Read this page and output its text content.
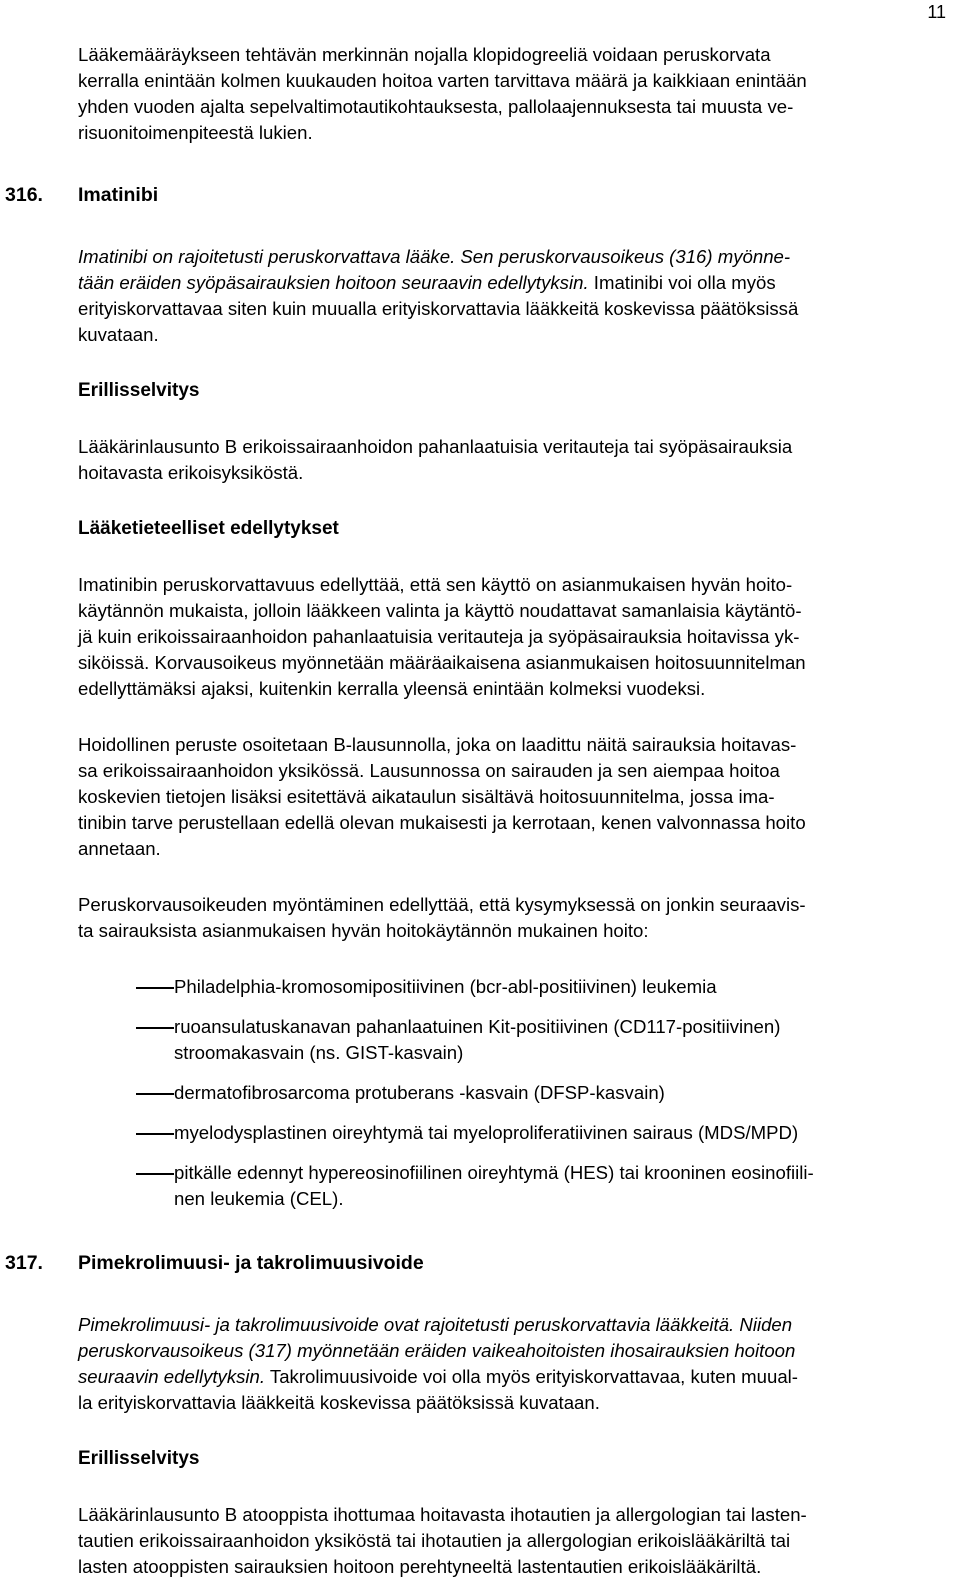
11

Lääkemääräykseen tehtävän merkinnän nojalla klopidogreeliä voidaan peruskorvata
kerralla enintään kolmen kuukauden hoitoa varten tarvittava määrä ja kaikkiaan enintään
yhden vuoden ajalta sepelvaltimotautikohtauksesta, pallolaajennuksesta tai muusta ve-
risuonitoimenpiteestä lukien.

316. Imatinibi

Imatinibi on rajoitetusti peruskorvattava lääke. Sen peruskorvausoikeus (316) myönne-
tään eräiden syöpäsairauksien hoitoon seuraavin edellytyksin. Imatinibi voi olla myös
erityiskorvattavaa siten kuin muualla erityiskorvattavia lääkkeitä koskevissa päätöksissä
kuvataan.

Erillisselvitys

Lääkärinlausunto B erikoissairaanhoidon pahanlaatuisia veritauteja tai syöpäsairauksia
hoitavasta erikoisyksiköstä.

Lääketieteelliset edellytykset

Imatinibin peruskorvattavuus edellyttää, että sen käyttö on asianmukaisen hyvän hoito-
käytännön mukaista, jolloin lääkkeen valinta ja käyttö noudattavat samanlaisia käytäntö-
jä kuin erikoissairaanhoidon pahanlaatuisia veritauteja ja syöpäsairauksia hoitavissa yk-
siköissä. Korvausoikeus myönnetään määräaikaisena asianmukaisen hoitosuunnitelman
edellyttämäksi ajaksi, kuitenkin kerralla yleensä enintään kolmeksi vuodeksi.

Hoidollinen peruste osoitetaan B-lausunnolla, joka on laadittu näitä sairauksia hoitavas-
sa erikoissairaanhoidon yksikössä. Lausunnossa on sairauden ja sen aiempaa hoitoa
koskevien tietojen lisäksi esitettävä aikataulun sisältävä hoitosuunnitelma, jossa ima-
tinibin tarve perustellaan edellä olevan mukaisesti ja kerrotaan, kenen valvonnassa hoito
annetaan.

Peruskorvausoikeuden myöntäminen edellyttää, että kysymyksessä on jonkin seuraavis-
ta sairauksista asianmukaisen hyvän hoitokäytännön mukainen hoito:

Philadelphia-kromosomipositiivinen (bcr-abl-positiivinen) leukemia
ruoansulatuskanavan pahanlaatuinen Kit-positiivinen (CD117-positiivinen)
stroomakasvain (ns. GIST-kasvain)
dermatofibrosarcoma protuberans -kasvain (DFSP-kasvain)
myelodysplastinen oireyhtymä tai myeloproliferatiivinen sairaus (MDS/MPD)
pitkälle edennyt hypereosinofiilinen oireyhtymä (HES) tai krooninen eosinofiili-
nen leukemia (CEL).
317. Pimekrolimuusi- ja takrolimuusivoide

Pimekrolimuusi- ja takrolimuusivoide ovat rajoitetusti peruskorvattavia lääkkeitä. Niiden
peruskorvausoikeus (317) myönnetään eräiden vaikeahoitoisten ihosairauksien hoitoon
seuraavin edellytyksin. Takrolimuusivoide voi olla myös erityiskorvattavaa, kuten muual-
la erityiskorvattavia lääkkeitä koskevissa päätöksissä kuvataan.

Erillisselvitys

Lääkärinlausunto B atooppista ihottumaa hoitavasta ihotautien ja allergologian tai lasten-
tautien erikoissairaanhoidon yksiköstä tai ihotautien ja allergologian erikoislääkäriltä tai
lasten atooppisten sairauksien hoitoon perehtyneeltä lastentautien erikoislääkäriltä.
